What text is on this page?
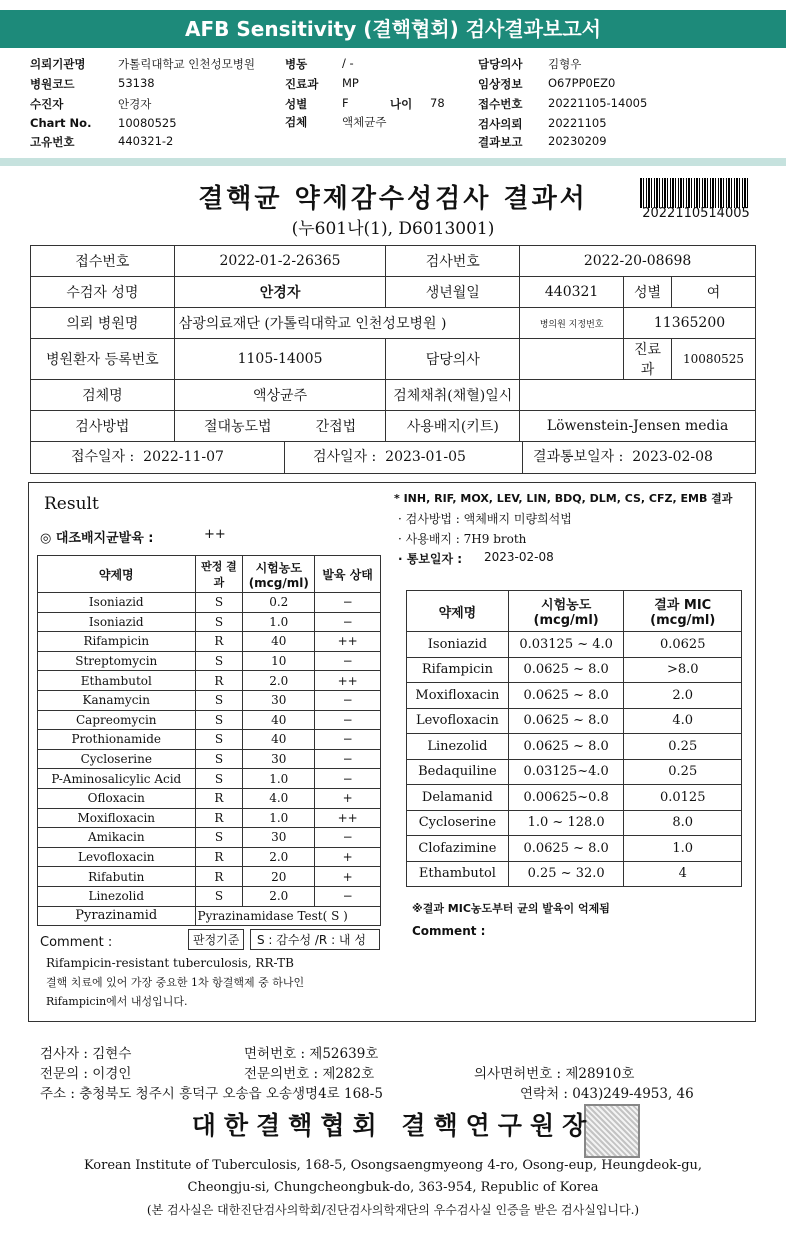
AFB Sensitivity (결핵협회) 검사결과보고서
의뢰기관명	가톨릭대학교 인천성모병원	병동	/ -	담당의사 김형우
병원코드	53138	진료과 MP	임상정보 O67PP0EZ0
수진자	안경자	성별	F	나이 78	접수번호 20221105-14005
Chart No. 10080525	검체	액체균주	검사의뢰 20221105
고유번호	440321-2	결과보고 20230209
결핵균 약제감수성검사 결과서
(누601나(1), D6013001)
2022110514005
접수번호	2022-01-2-26365	검사번호	2022-20-08698		
수검자 성명	안경자	생년월일	440321	성별	여
의뢰 병원명	삼광의료재단 (가톨릭대학교 인천성모병원 )		병의원 지정번호	11365200	
병원환자 등록번호	1105-14005	담당의사		진료과	10080525
검체명	액상균주	검체채취(채혈)일시			
검사방법	절대농도법 간접법	사용배지(키트)	Löwenstein-Jensen media		
접수일자 : 2022-11-07 검사일자 : 2023-01-05 결과통보일자 : 2023-02-08					
Result
◎ 대조배지균발육 :	++
약제명	판정 결과	시험농도 (mcg/ml)	발육 상태
Isoniazid	S	0.2	−
Isoniazid	S	1.0	−
Rifampicin	R	40	++
Streptomycin	S	10	−
Ethambutol	R	2.0	++
Kanamycin	S	30	−
Capreomycin	S	40	−
Prothionamide	S	40	−
Cycloserine	S	30	−
P-Aminosalicylic Acid	S	1.0	−
Ofloxacin	R	4.0	+
Moxifloxacin	R	1.0	++
Amikacin	S	30	−
Levofloxacin	R	2.0	+
Rifabutin	R	20	+
Linezolid	S	2.0	−
Pyrazinamid	Pyrazinamidase Test( S )		
판정기준	S : 감수성 /R : 내 성
Comment :
Rifampicin-resistant tuberculosis, RR-TB
결핵 치료에 있어 가장 중요한 1차 항결핵제 중 하나인
Rifampicin에서 내성입니다.
* INH, RIF, MOX, LEV, LIN, BDQ, DLM, CS, CFZ, EMB 결과
· 검사방법 : 액체배지 미량희석법
· 사용배지 : 7H9 broth
· 통보일자 : 2023-02-08
약제명	시험농도 (mcg/ml)	결과 MIC (mcg/ml)
Isoniazid	0.03125 ~ 4.0	0.0625
Rifampicin	0.0625 ~ 8.0	>8.0
Moxifloxacin	0.0625 ~ 8.0	2.0
Levofloxacin	0.0625 ~ 8.0	4.0
Linezolid	0.0625 ~ 8.0	0.25
Bedaquiline	0.03125~4.0	0.25
Delamanid	0.00625~0.8	0.0125
Cycloserine	1.0 ~ 128.0	8.0
Clofazimine	0.0625 ~ 8.0	1.0
Ethambutol	0.25 ~ 32.0	4
※결과 MIC농도부터 균의 발육이 억제됨
Comment :
검사자 : 김현수	면허번호 : 제52639호
전문의 : 이경인	전문의번호 : 제282호	의사면허번호 : 제28910호
주소 : 충청북도 청주시 흥덕구 오송읍 오송생명4로 168-5	연락처 : 043)249-4953, 46
대한결핵협회 결핵연구원장
Korean Institute of Tuberculosis, 168-5, Osongsaengmyeong 4-ro, Osong-eup, Heungdeok-gu,
Cheongju-si, Chungcheongbuk-do, 363-954, Republic of Korea
(본 검사실은 대한진단검사의학회/진단검사의학재단의 우수검사실 인증을 받은 검사실입니다.)
